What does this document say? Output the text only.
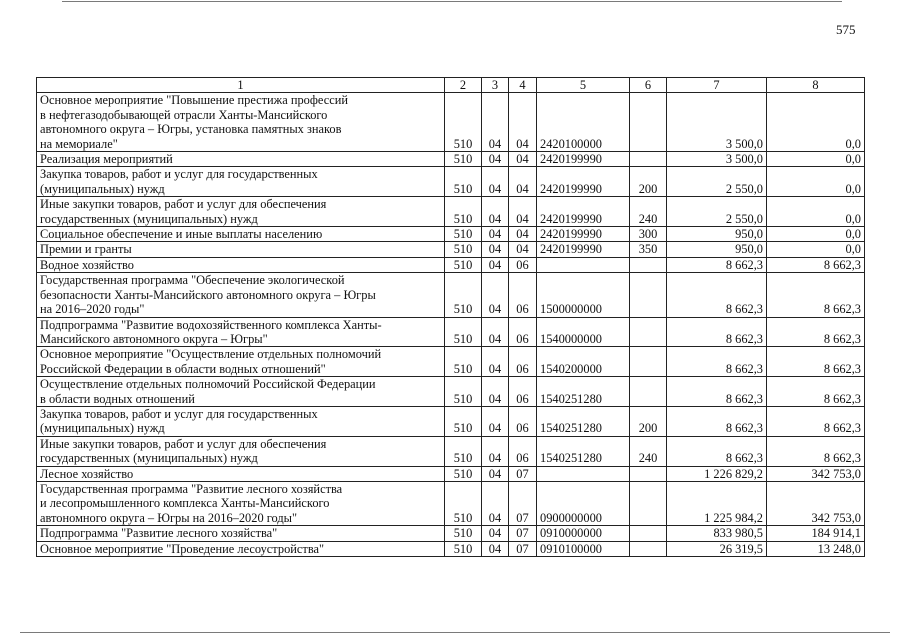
575
1	2	3	4	5	6	7	8
Основное мероприятие "Повышение престижа профессий
в нефтегазодобывающей отрасли Ханты-Мансийского
автономного округа – Югры, установка памятных знаков
на мемориале"	510	04	04	2420100000		3 500,0	0,0
Реализация мероприятий	510	04	04	2420199990		3 500,0	0,0
Закупка товаров, работ и услуг для государственных
(муниципальных) нужд	510	04	04	2420199990	200	2 550,0	0,0
Иные закупки товаров, работ и услуг для обеспечения
государственных (муниципальных) нужд	510	04	04	2420199990	240	2 550,0	0,0
Социальное обеспечение и иные выплаты населению	510	04	04	2420199990	300	950,0	0,0
Премии и гранты	510	04	04	2420199990	350	950,0	0,0
Водное хозяйство	510	04	06			8 662,3	8 662,3
Государственная программа "Обеспечение экологической
безопасности Ханты-Мансийского автономного округа – Югры
на 2016–2020 годы"	510	04	06	1500000000		8 662,3	8 662,3
Подпрограмма "Развитие водохозяйственного комплекса Ханты-
Мансийского автономного округа – Югры"	510	04	06	1540000000		8 662,3	8 662,3
Основное мероприятие "Осуществление отдельных полномочий
Российской Федерации в области водных отношений"	510	04	06	1540200000		8 662,3	8 662,3
Осуществление отдельных полномочий Российской Федерации
в области водных отношений	510	04	06	1540251280		8 662,3	8 662,3
Закупка товаров, работ и услуг для государственных
(муниципальных) нужд	510	04	06	1540251280	200	8 662,3	8 662,3
Иные закупки товаров, работ и услуг для обеспечения
государственных (муниципальных) нужд	510	04	06	1540251280	240	8 662,3	8 662,3
Лесное хозяйство	510	04	07			1 226 829,2	342 753,0
Государственная программа "Развитие лесного хозяйства
и лесопромышленного комплекса Ханты-Мансийского
автономного округа – Югры на 2016–2020 годы"	510	04	07	0900000000		1 225 984,2	342 753,0
Подпрограмма "Развитие лесного хозяйства"	510	04	07	0910000000		833 980,5	184 914,1
Основное мероприятие "Проведение лесоустройства"	510	04	07	0910100000		26 319,5	13 248,0
